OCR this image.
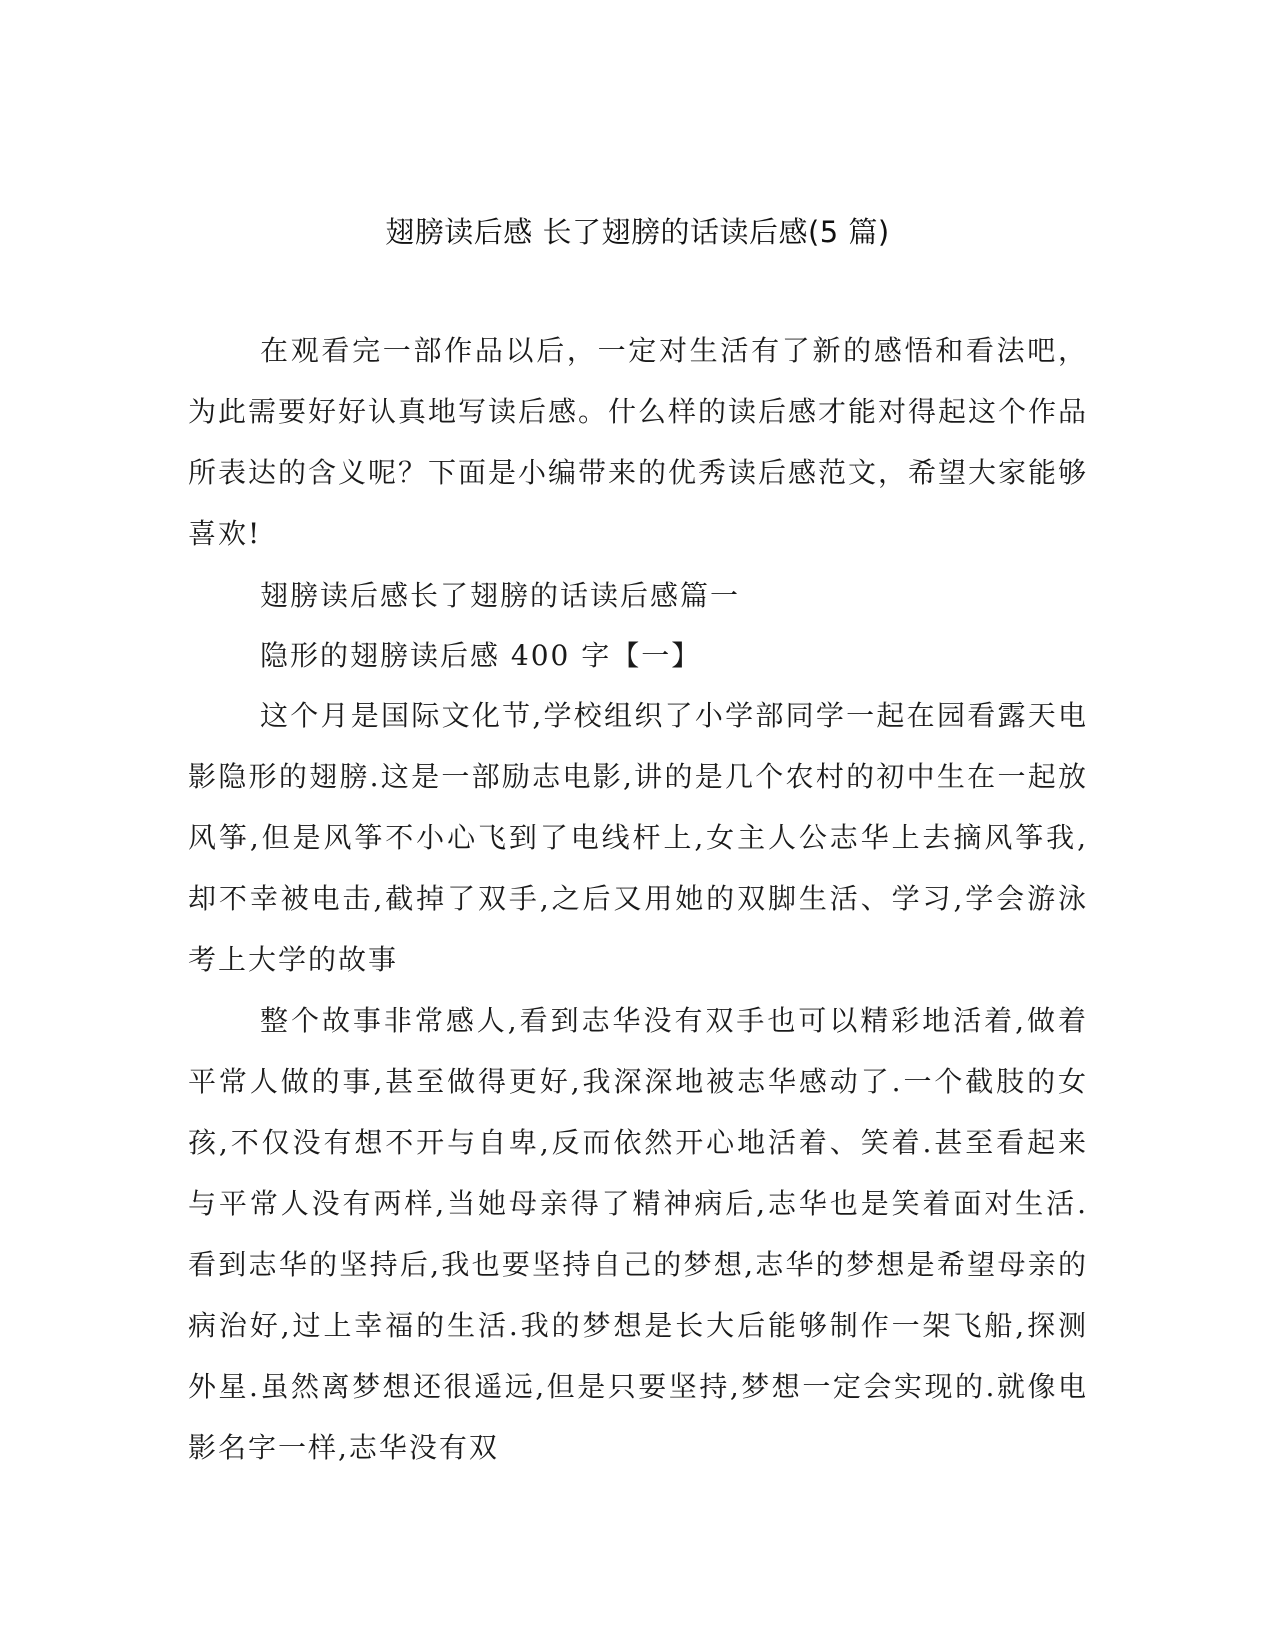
翅膀读后感 长了翅膀的话读后感(5 篇)

在观看完一部作品以后，一定对生活有了新的感悟和看法吧，为此需要好好认真地写读后感。什么样的读后感才能对得起这个作品所表达的含义呢？下面是小编带来的优秀读后感范文，希望大家能够喜欢!

翅膀读后感长了翅膀的话读后感篇一

隐形的翅膀读后感 400 字【一】

这个月是国际文化节,学校组织了小学部同学一起在园看露天电影隐形的翅膀.这是一部励志电影,讲的是几个农村的初中生在一起放风筝,但是风筝不小心飞到了电线杆上,女主人公志华上去摘风筝我,却不幸被电击,截掉了双手,之后又用她的双脚生活、学习,学会游泳考上大学的故事

整个故事非常感人,看到志华没有双手也可以精彩地活着,做着平常人做的事,甚至做得更好,我深深地被志华感动了.一个截肢的女孩,不仅没有想不开与自卑,反而依然开心地活着、笑着.甚至看起来与平常人没有两样,当她母亲得了精神病后,志华也是笑着面对生活.看到志华的坚持后,我也要坚持自己的梦想,志华的梦想是希望母亲的病治好,过上幸福的生活.我的梦想是长大后能够制作一架飞船,探测外星.虽然离梦想还很遥远,但是只要坚持,梦想一定会实现的.就像电影名字一样,志华没有双
